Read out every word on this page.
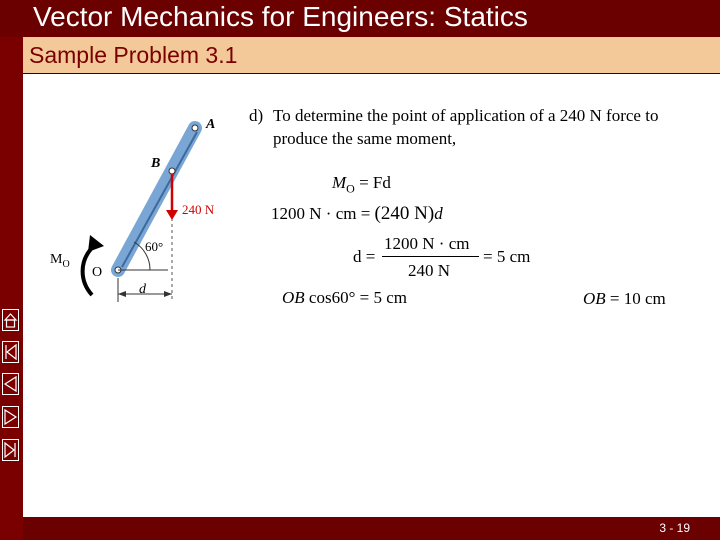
Vector Mechanics for Engineers: Statics
Sample Problem 3.1
A
B
240 N
60°
O
$M_O$
d
d) To determine the point of application of a 240 N force to produce the same moment,
$M_O = Fd$
1200 N · cm = (240 N)d
d =
1200 N · cm
240 N
= 5 cm
OB cos60° = 5 cm	OB = 10 cm
3 - 19
